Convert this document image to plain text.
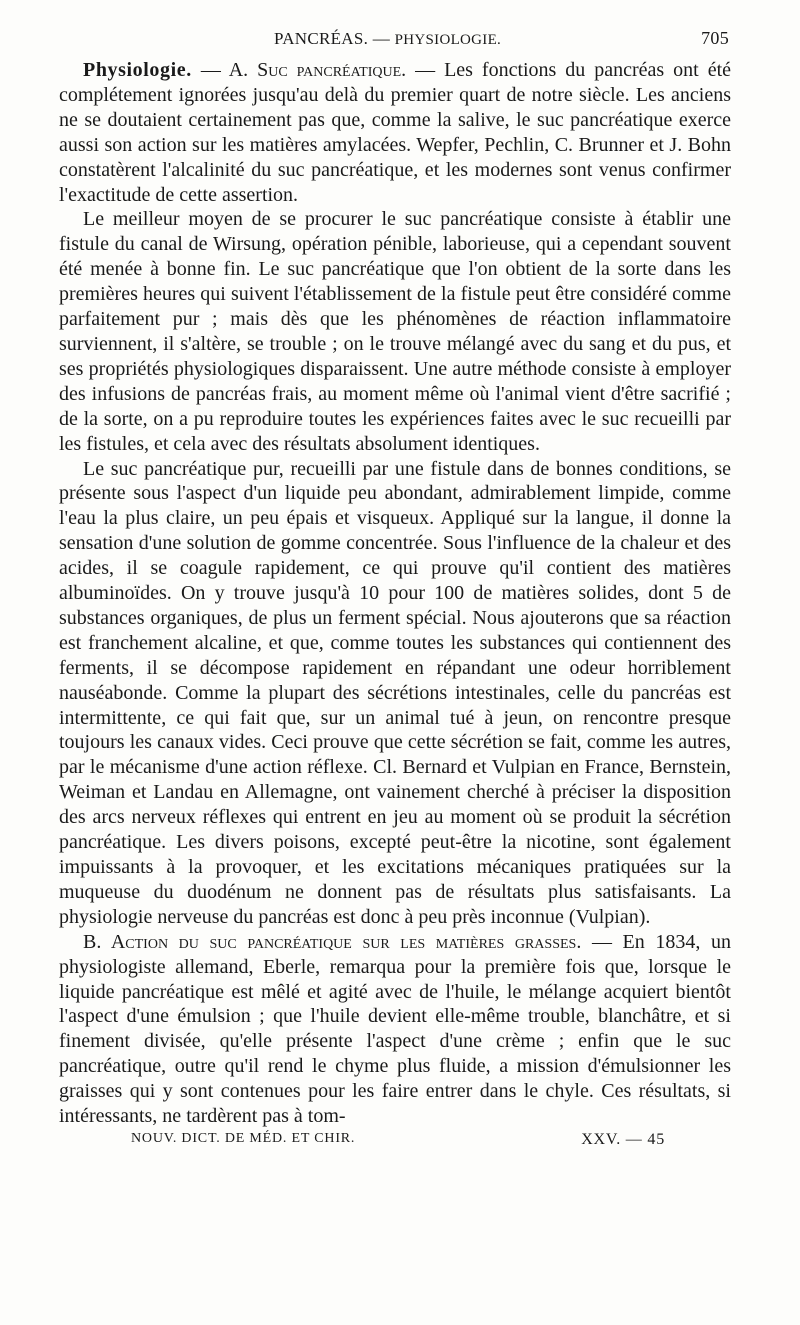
PANCRÉAS. — PHYSIOLOGIE.	705

Physiologie. — A. Suc pancréatique. — Les fonctions du pancréas ont été complétement ignorées jusqu'au delà du premier quart de notre siècle. Les anciens ne se doutaient certainement pas que, comme la salive, le suc pancréatique exerce aussi son action sur les matières amylacées. Wepfer, Pechlin, C. Brunner et J. Bohn constatèrent l'alcalinité du suc pancréatique, et les modernes sont venus confirmer l'exactitude de cette assertion.

Le meilleur moyen de se procurer le suc pancréatique consiste à établir une fistule du canal de Wirsung, opération pénible, laborieuse, qui a cependant souvent été menée à bonne fin. Le suc pancréatique que l'on obtient de la sorte dans les premières heures qui suivent l'établissement de la fistule peut être considéré comme parfaitement pur ; mais dès que les phénomènes de réaction inflammatoire surviennent, il s'altère, se trouble ; on le trouve mélangé avec du sang et du pus, et ses propriétés physiologiques disparaissent. Une autre méthode consiste à employer des infusions de pancréas frais, au moment même où l'animal vient d'être sacrifié ; de la sorte, on a pu reproduire toutes les expériences faites avec le suc recueilli par les fistules, et cela avec des résultats absolument identiques.

Le suc pancréatique pur, recueilli par une fistule dans de bonnes conditions, se présente sous l'aspect d'un liquide peu abondant, admirablement limpide, comme l'eau la plus claire, un peu épais et visqueux. Appliqué sur la langue, il donne la sensation d'une solution de gomme concentrée. Sous l'influence de la chaleur et des acides, il se coagule rapidement, ce qui prouve qu'il contient des matières albuminoïdes. On y trouve jusqu'à 10 pour 100 de matières solides, dont 5 de substances organiques, de plus un ferment spécial. Nous ajouterons que sa réaction est franchement alcaline, et que, comme toutes les substances qui contiennent des ferments, il se décompose rapidement en répandant une odeur horriblement nauséabonde. Comme la plupart des sécrétions intestinales, celle du pancréas est intermittente, ce qui fait que, sur un animal tué à jeun, on rencontre presque toujours les canaux vides. Ceci prouve que cette sécrétion se fait, comme les autres, par le mécanisme d'une action réflexe. Cl. Bernard et Vulpian en France, Bernstein, Weiman et Landau en Allemagne, ont vainement cherché à préciser la disposition des arcs nerveux réflexes qui entrent en jeu au moment où se produit la sécrétion pancréatique. Les divers poisons, excepté peut-être la nicotine, sont également impuissants à la provoquer, et les excitations mécaniques pratiquées sur la muqueuse du duodénum ne donnent pas de résultats plus satisfaisants. La physiologie nerveuse du pancréas est donc à peu près inconnue (Vulpian).

B. Action du suc pancréatique sur les matières grasses. — En 1834, un physiologiste allemand, Eberle, remarqua pour la première fois que, lorsque le liquide pancréatique est mêlé et agité avec de l'huile, le mélange acquiert bientôt l'aspect d'une émulsion ; que l'huile devient elle-même trouble, blanchâtre, et si finement divisée, qu'elle présente l'aspect d'une crème ; enfin que le suc pancréatique, outre qu'il rend le chyme plus fluide, a mission d'émulsionner les graisses qui y sont contenues pour les faire entrer dans le chyle. Ces résultats, si intéressants, ne tardèrent pas à tom-

NOUV. DICT. DE MÉD. ET CHIR.	XXV. — 45
